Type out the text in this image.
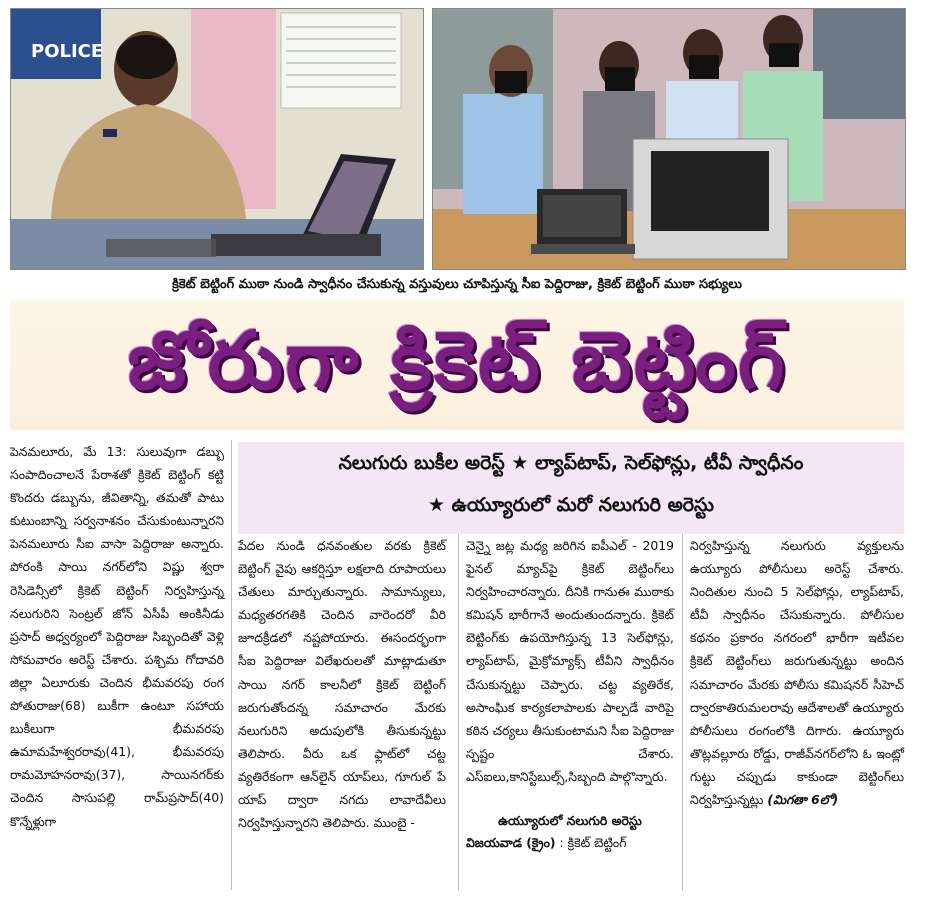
POLICE
క్రికెట్ బెట్టింగ్ ముఠా నుండి స్వాధీనం చేసుకున్న వస్తువులు చూపిస్తున్న సీఐ పెద్దిరాజు, క్రికెట్ బెట్టింగ్ ముఠా సభ్యులు
జోరుగా క్రికెట్ బెట్టింగ్
నలుగురు బుకీల అరెస్ట్ ★ ల్యాప్‌టాప్, సెల్‌ఫోన్లు, టీవీ స్వాధీనం
★ ఉయ్యూరులో మరో నలుగురి అరెస్టు

పెనమలూరు, మే 13: సులువుగా డబ్బు సంపాదించాలనే పేరాశతో క్రికెట్ బెట్టింగ్ కట్టి కొందరు డబ్బును, జీవితాన్ని, తమతో పాటు కుటుంబాన్ని సర్వనాశనం చేసుకుంటున్నారని పెనమలూరు సీఐ వాసా పెద్దిరాజు అన్నారు. పోరంకి సాయి నగర్‌లోని విష్ణు శ్వరా రెసిడెన్సీలో క్రికెట్ బెట్టింగ్ నిర్వహిస్తున్న నలుగురిని సెంట్రల్ జోన్ ఏసీపీ అంకినీడు ప్రసాద్ అధ్వర్యంలో పెద్దిరాజు సిబ్బందితో వెళ్లి సోమవారం అరెస్ట్ చేశారు. పశ్చిమ గోదావరి జిల్లా ఏలూరుకు చెందిన భీమవరపు రంగ పోతురాజు(68) బుకీగా ఉంటూ సహాయ బుకీలుగా భీమవరపు ఉమామహేశ్వరరావు(41), భీమవరపు రామమోహనరావు(37), సాయినగర్‌కు చెందిన సాసుపల్లి రామ్‌ప్రసాద్(40) కొన్నేళ్లుగా

పేదల నుండి ధనవంతుల వరకు క్రికెట్ బెట్టింగ్ వైపు ఆకర్షిస్తూ లక్షలాది రూపాయలు చేతులు మార్చుతున్నారు. సామాన్యులు, మధ్యతరగతికి చెందిన వారెందరో వీరి జూదక్రీడలో నష్టపోయారు. ఈసందర్భంగా సీఐ పెద్దిరాజు విలేఖరులతో మాట్లాడుతూ సాయి నగర్ కాలనీలో క్రికెట్ బెట్టింగ్ జరుగుతోందన్న సమాచారం మేరకు నలుగురిని అదుపులోకి తీసుకున్నట్టు తెలిపారు. వీరు ఒక ఫ్లాట్‌లో చట్ట వ్యతిరేకంగా ఆన్‌లైన్ యాప్‌లు, గూగుల్ పే యాప్ ద్వారా నగదు లావాదేవీలు నిర్వహిస్తున్నారని తెలిపారు. ముంబై -

చెన్నై జట్ల మధ్య జరిగిన ఐపీఎల్ - 2019 ఫైనల్ మ్యాచ్‌పై క్రికెట్ బెట్టింగ్‌లు నిర్వహించారన్నారు. దీనికి గానుఈ ముఠాకు కమిషన్ భారీగానే అందుతుందన్నారు. క్రికెట్ బెట్టింగ్‌కు ఉపయోగిస్తున్న 13 సెల్‌ఫోన్లు, ల్యాప్‌టాప్, మైక్రోమ్యాక్స్ టీవీని స్వాధీనం చేసుకున్నట్టు చెప్పారు. చట్ట వ్యతిరేక, అసాంఘిక కార్యకలాపాలకు పాల్పడే వారిపై కఠిన చర్యలు తీసుకుంటామని సీఐ పెద్దిరాజు స్పష్టం చేశారు. ఎస్‌ఐలు,కానిస్టేబుల్స్,సిబ్బంది పాల్గొన్నారు.

ఉయ్యూరులో నలుగురి అరెస్టు
విజయవాడ (క్రైం) : క్రికెట్ బెట్టింగ్

నిర్వహిస్తున్న నలుగురు వ్యక్తులను ఉయ్యూరు పోలీసులు అరెస్ట్ చేశారు. నిందితుల నుంచి 5 సెల్‌ఫోన్లు, ల్యాప్‌టాప్, టీవీ స్వాధీనం చేసుకున్నారు. పోలీసుల కథనం ప్రకారం నగరంలో భారీగా ఇటీవల క్రికెట్ బెట్టింగ్‌లు జరుగుతున్నట్టు అందిన సమాచారం మేరకు పోలీసు కమిషనర్ సీహెచ్ ద్వారకాతిరుమలరావు ఆదేశాలతో ఉయ్యూరు పోలీసులు రంగంలోకి దిగారు. ఉయ్యూరు తొట్లవల్లూరు రోడ్డు, రాజీవ్‌నగర్‌లోని ఓ ఇంట్లో గుట్టు చప్పుడు కాకుండా బెట్టింగ్‌లు నిర్వహిస్తున్నట్లు (మిగతా 6లో)
